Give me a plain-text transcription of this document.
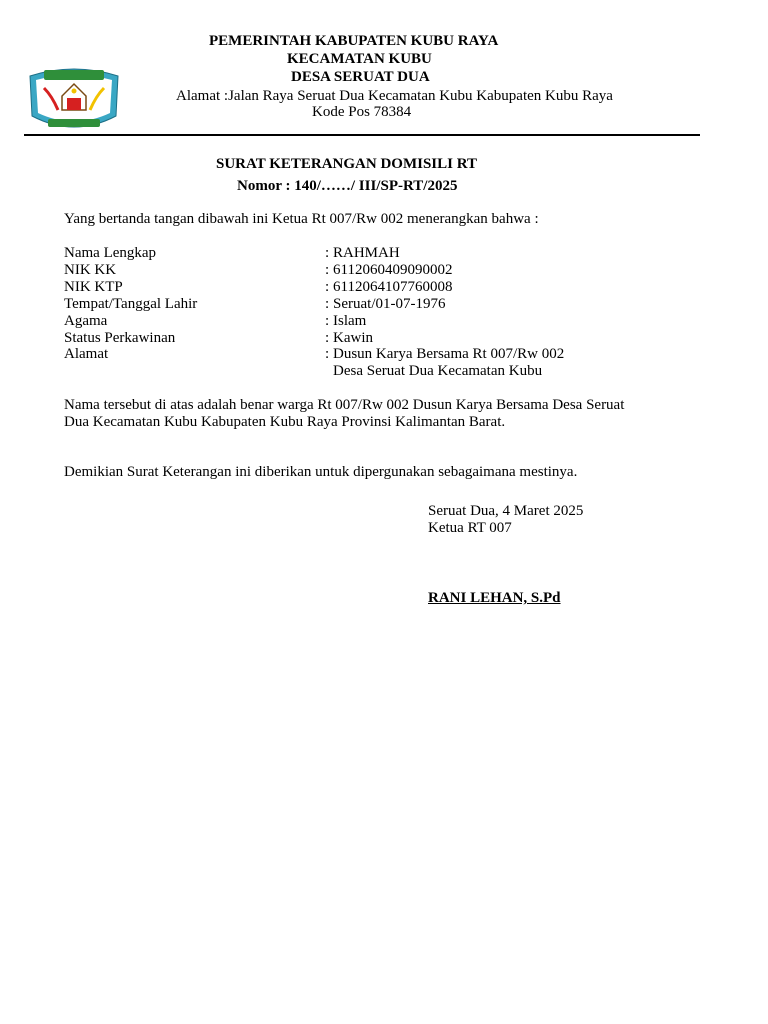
PEMERINTAH KABUPATEN KUBU RAYA
KECAMATAN KUBU
DESA SERUAT DUA
Alamat :Jalan Raya Seruat Dua Kecamatan Kubu Kabupaten Kubu Raya
Kode Pos 78384
SURAT KETERANGAN DOMISILI RT
Nomor : 140/……/ III/SP-RT/2025
Yang bertanda tangan dibawah ini Ketua Rt 007/Rw 002 menerangkan bahwa :
Nama Lengkap	: RAHMAH
NIK KK	: 6112060409090002
NIK KTP	: 6112064107760008
Tempat/Tanggal Lahir	: Seruat/01-07-1976
Agama	: Islam
Status Perkawinan	: Kawin
Alamat	: Dusun Karya Bersama Rt 007/Rw 002
Desa Seruat Dua Kecamatan Kubu
Nama tersebut di atas adalah benar warga Rt 007/Rw 002 Dusun Karya Bersama Desa Seruat
Dua Kecamatan Kubu Kabupaten Kubu Raya Provinsi Kalimantan Barat.
Demikian Surat Keterangan ini diberikan untuk dipergunakan sebagaimana mestinya.
Seruat Dua, 4 Maret 2025
Ketua RT 007
RANI LEHAN, S.Pd
